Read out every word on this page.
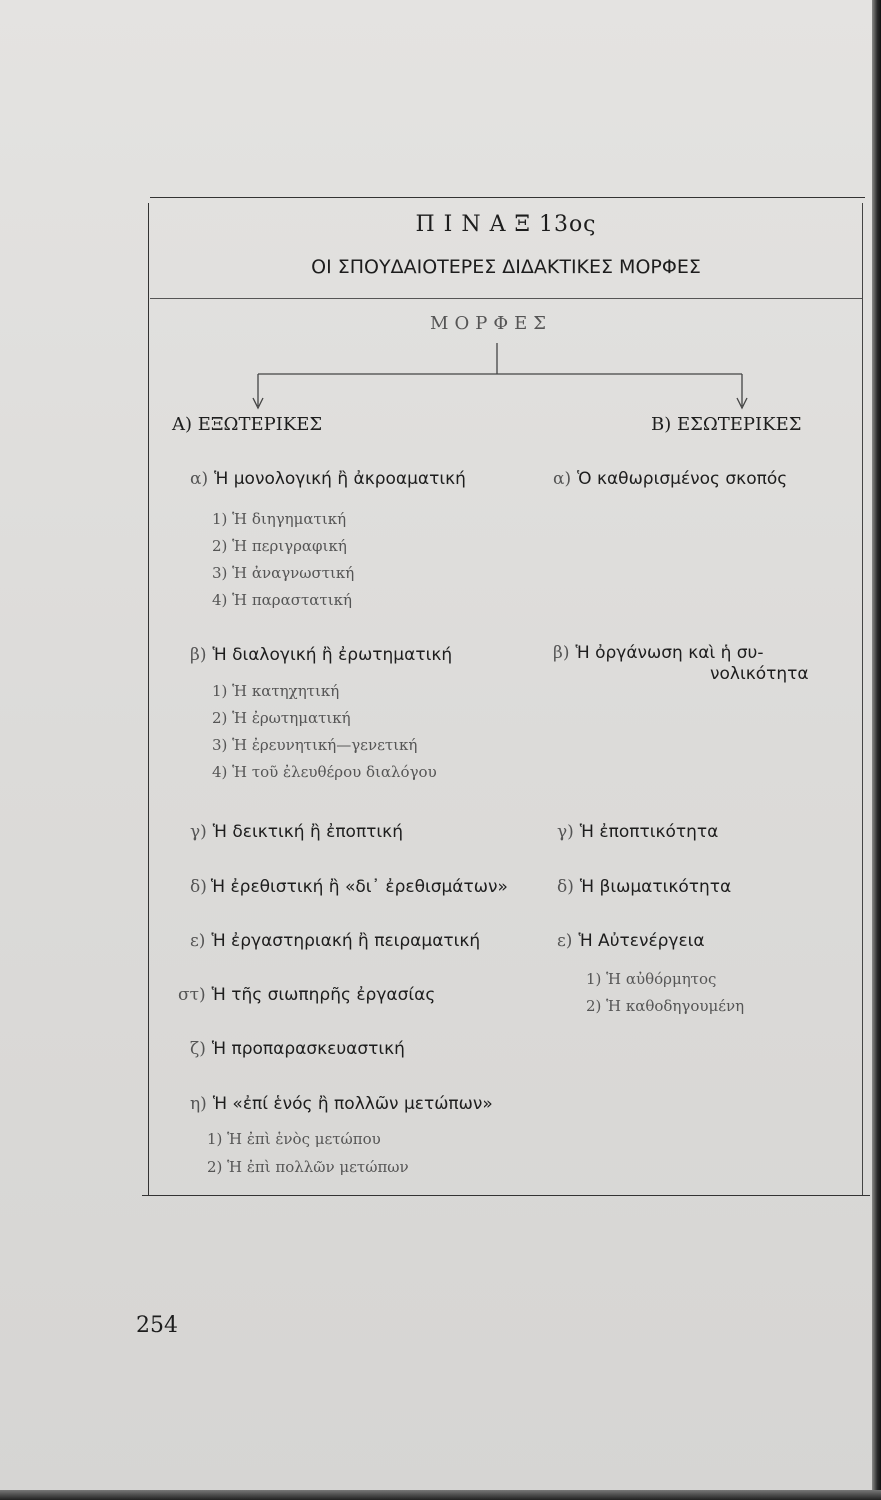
Π Ι Ν Α Ξ 13ος
ΟΙ ΣΠΟΥΔΑΙΟΤΕΡΕΣ ΔΙΔΑΚΤΙΚΕΣ ΜΟΡΦΕΣ
ΜΟΡΦΕΣ
Α) ΕΞΩΤΕΡΙΚΕΣ	Β) ΕΣΩΤΕΡΙΚΕΣ
α) Ἡ μονολογική ἢ ἀκροαματική
1) Ἡ διηγηματική
2) Ἡ περιγραφική
3) Ἡ ἀναγνωστική
4) Ἡ παραστατική
β) Ἡ διαλογική ἢ ἐρωτηματική
1) Ἡ κατηχητική
2) Ἡ ἐρωτηματική
3) Ἡ ἐρευνητική—γενετική
4) Ἡ τοῦ ἐλευθέρου διαλόγου
γ) Ἡ δεικτική ἢ ἐποπτική
δ) Ἡ ἐρεθιστική ἢ «δι᾽ ἐρεθισμάτων»
ε) Ἡ ἐργαστηριακή ἢ πειραματική
στ) Ἡ τῆς σιωπηρῆς ἐργασίας
ζ) Ἡ προπαρασκευαστική
η) Ἡ «ἐπί ἑνός ἢ πολλῶν μετώπων»
1) Ἡ ἐπὶ ἑνὸς μετώπου
2) Ἡ ἐπὶ πολλῶν μετώπων
α) Ὁ καθωρισμένος σκοπός
β) Ἡ ὀργάνωση καὶ ἡ συ-
νολικότητα
γ) Ἡ ἐποπτικότητα
δ) Ἡ βιωματικότητα
ε) Ἡ Αὐτενέργεια
1) Ἡ αὐθόρμητος
2) Ἡ καθοδηγουμένη
254
